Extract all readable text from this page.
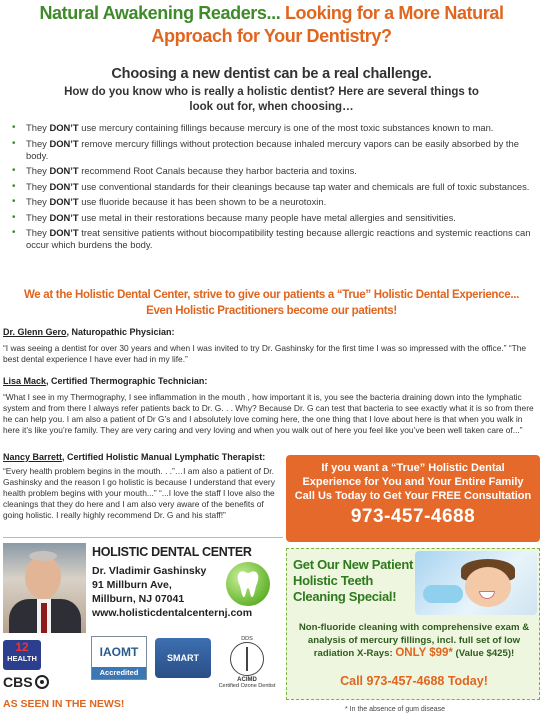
Natural Awakening Readers... Looking for a More Natural
Approach for Your Dentistry?
Choosing a new dentist can be a real challenge.
How do you know who is really a holistic dentist? Here are several things to look out for, when choosing…
• They DON’T use mercury containing fillings because mercury is one of the most toxic substances known to man.
• They DON’T remove mercury fillings without protection because inhaled mercury vapors can be easily absorbed by the body.
• They DON’T recommend Root Canals because they harbor bacteria and toxins.
• They DON’T use conventional standards for their cleanings because tap water and chemicals are full of toxic substances.
• They DON’T use fluoride because it has been shown to be a neurotoxin.
• They DON’T use metal in their restorations because many people have metal allergies and sensitivities.
• They DON’T treat sensitive patients without biocompatibility testing because allergic reactions and systemic reactions can occur which burdens the body.
We at the Holistic Dental Center, strive to give our patients a “True” Holistic Dental Experience...
Even Holistic Practitioners become our patients!
Dr. Glenn Gero, Naturopathic Physician:
“I was seeing a dentist for over 30 years and when I was invited to try Dr. Gashinsky for the first time I was so impressed with the office.” “The best dental experience I have ever had in my life.”
Lisa Mack, Certified Thermographic Technician:
“What I see in my Thermography, I see inflammation in the mouth , how important it is, you see the bacteria draining down into the lymphatic system and from there I always refer patients back to Dr. G. . . Why? Because Dr. G can test that bacteria to see exactly what it is so from there he can help you. I am also a patient of Dr G’s and I absolutely love coming here, the one thing that I love about here is that when you walk in here it’s like you’re family. They are very caring and very loving and when you walk out of here you feel like you’ve been well taken care of...”
Nancy Barrett, Certified Holistic Manual Lymphatic Therapist:
“Every health problem begins in the mouth. . .”…I am also a patient of Dr. Gashinsky and the reason I go holistic is because I understand that every health problem begins with your mouth...” “...I love the staff I love also the cleanings that they do here and I am also very aware of the benefits of going holistic. I really highly recommend Dr. G and his staff!”
If you want a “True” Holistic Dental
Experience for You and Your Entire Family
Call Us Today to Get Your FREE Consultation
973-457-4688
HOLISTIC DENTAL CENTER
Dr. Vladimir Gashinsky
91 Millburn Ave,
Millburn, NJ 07041
www.holisticdentalcenternj.com
Get Our New Patient Holistic Teeth Cleaning Special!
Non-fluoride cleaning with comprehensive exam & analysis of mercury fillings, incl. full set of low radiation X-Rays: ONLY $99* (Value $425)!
Call 973-457-4688 Today!
12
HEALTH
CBS
IAOMT
Accredited
SMART
DDS
ACIMD
Certified Ozone Dentist
AS SEEN IN THE NEWS!	* In the absence of gum disease
